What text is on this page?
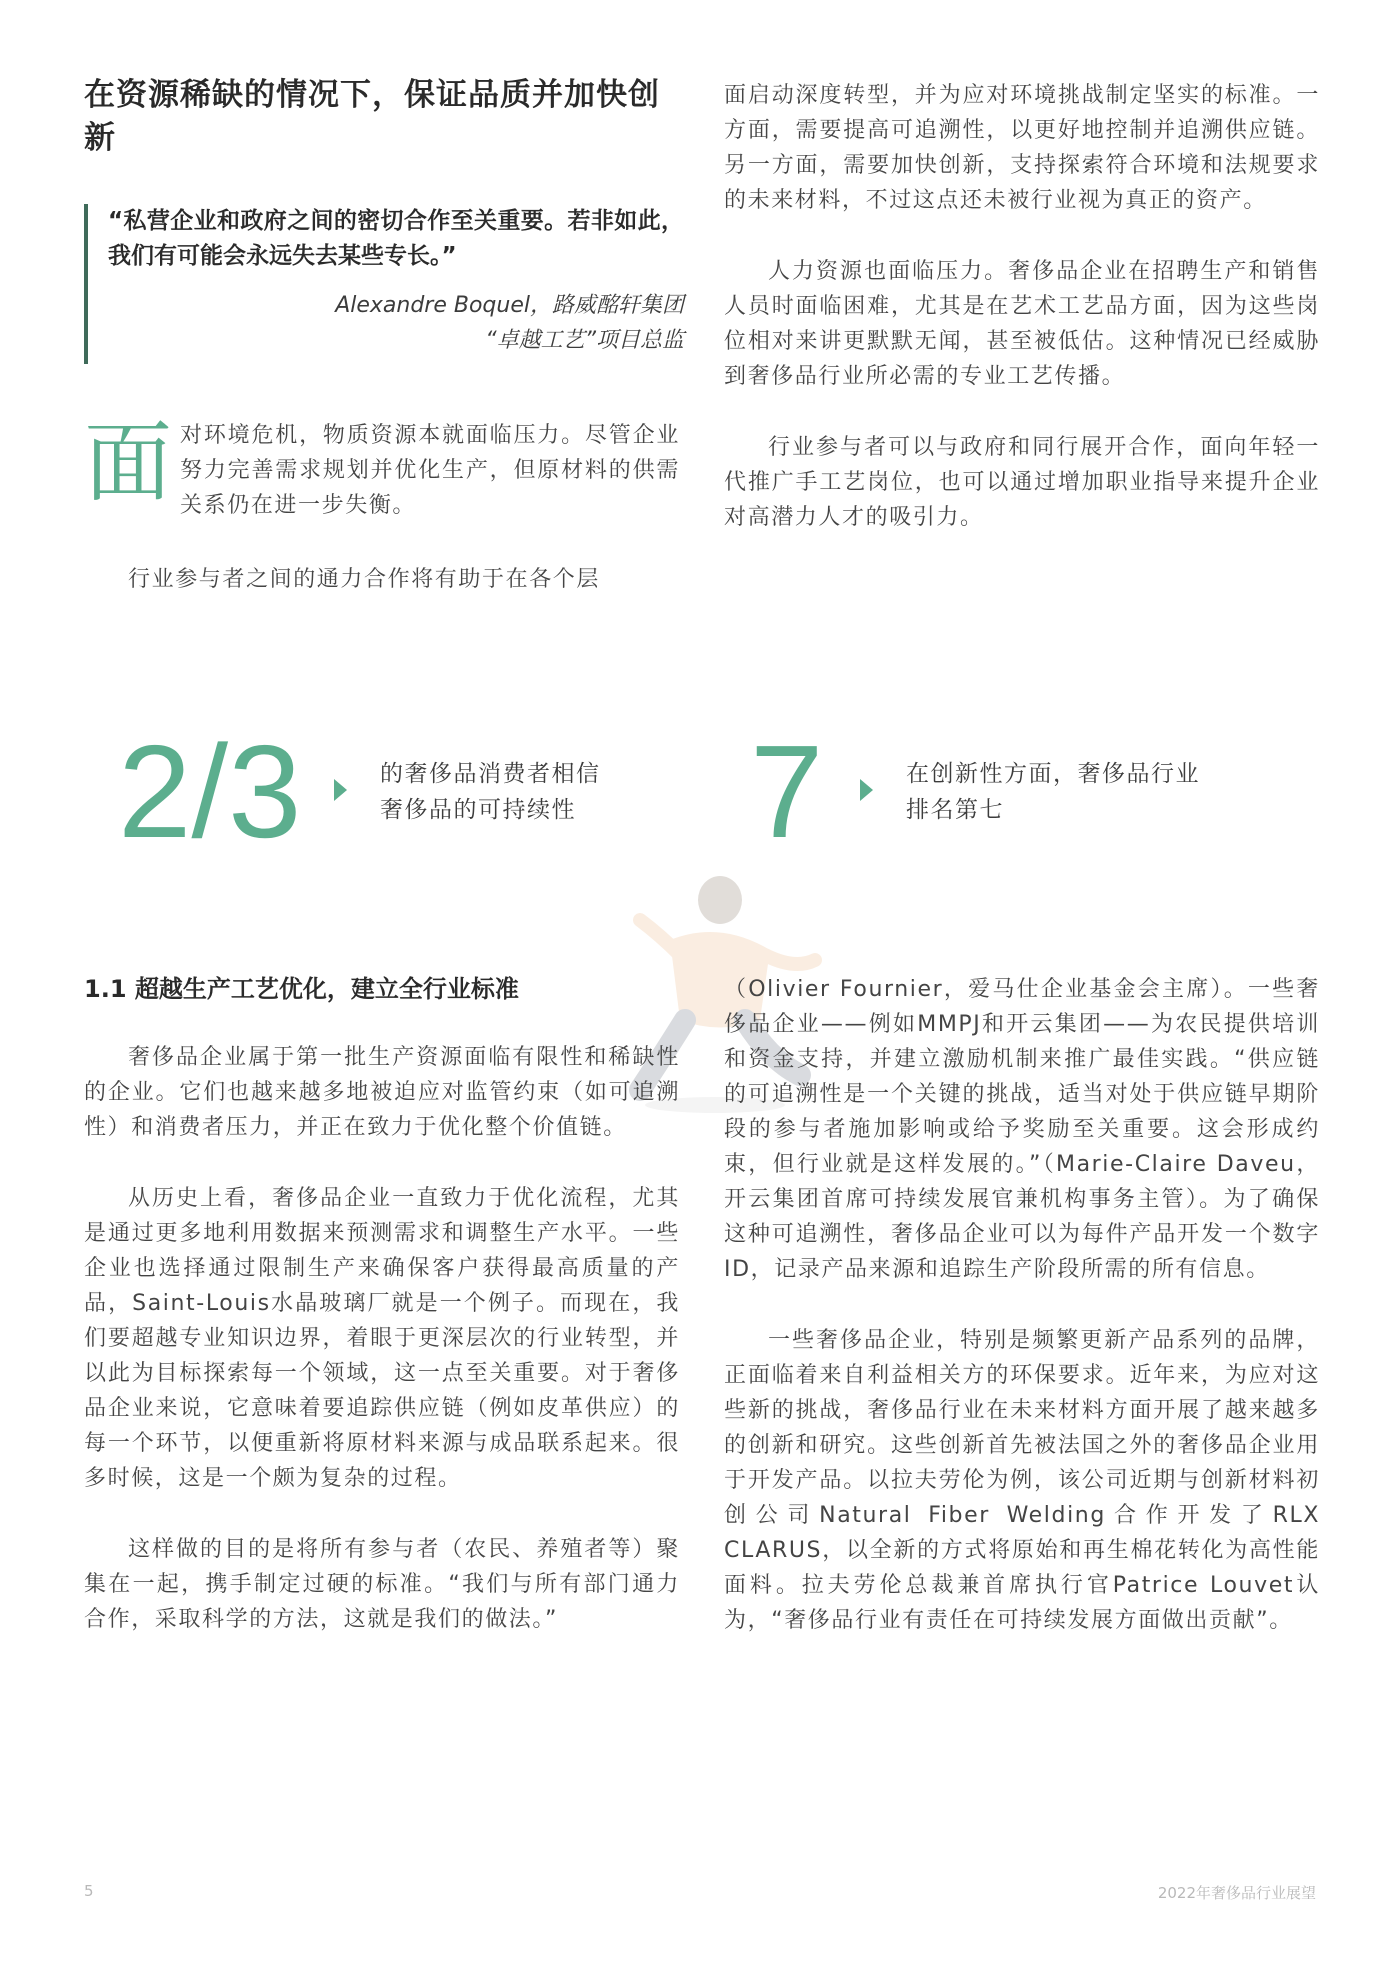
在资源稀缺的情况下，保证品质并加快创新

“私营企业和政府之间的密切合作至关重要。若非如此，我们有可能会永远失去某些专长。”

Alexandre Boquel，路威酩轩集团
“卓越工艺”项目总监

面 对环境危机，物质资源本就面临压力。尽管企业努力完善需求规划并优化生产，但原材料的供需关系仍在进一步失衡。

行业参与者之间的通力合作将有助于在各个层

面启动深度转型，并为应对环境挑战制定坚实的标准。一方面，需要提高可追溯性，以更好地控制并追溯供应链。另一方面，需要加快创新，支持探索符合环境和法规要求的未来材料，不过这点还未被行业视为真正的资产。

人力资源也面临压力。奢侈品企业在招聘生产和销售人员时面临困难，尤其是在艺术工艺品方面，因为这些岗位相对来讲更默默无闻，甚至被低估。这种情况已经威胁到奢侈品行业所必需的专业工艺传播。

行业参与者可以与政府和同行展开合作，面向年轻一代推广手工艺岗位，也可以通过增加职业指导来提升企业对高潜力人才的吸引力。

2/3	的奢侈品消费者相信
奢侈品的可持续性	7	在创新性方面，奢侈品行业
排名第七

1.1 超越生产工艺优化，建立全行业标准

奢侈品企业属于第一批生产资源面临有限性和稀缺性的企业。它们也越来越多地被迫应对监管约束（如可追溯性）和消费者压力，并正在致力于优化整个价值链。

从历史上看，奢侈品企业一直致力于优化流程，尤其是通过更多地利用数据来预测需求和调整生产水平。一些企业也选择通过限制生产来确保客户获得最高质量的产品，Saint-Louis水晶玻璃厂就是一个例子。而现在，我们要超越专业知识边界，着眼于更深层次的行业转型，并以此为目标探索每一个领域，这一点至关重要。对于奢侈品企业来说，它意味着要追踪供应链（例如皮革供应）的每一个环节，以便重新将原材料来源与成品联系起来。很多时候，这是一个颇为复杂的过程。

这样做的目的是将所有参与者（农民、养殖者等）聚集在一起，携手制定过硬的标准。“我们与所有部门通力合作，采取科学的方法，这就是我们的做法。”

（Olivier Fournier，爱马仕企业基金会主席）。一些奢侈品企业——例如MMPJ和开云集团——为农民提供培训和资金支持，并建立激励机制来推广最佳实践。“供应链的可追溯性是一个关键的挑战，适当对处于供应链早期阶段的参与者施加影响或给予奖励至关重要。这会形成约束，但行业就是这样发展的。”（Marie-Claire Daveu，开云集团首席可持续发展官兼机构事务主管）。为了确保这种可追溯性，奢侈品企业可以为每件产品开发一个数字ID，记录产品来源和追踪生产阶段所需的所有信息。

一些奢侈品企业，特别是频繁更新产品系列的品牌，正面临着来自利益相关方的环保要求。近年来，为应对这些新的挑战，奢侈品行业在未来材料方面开展了越来越多的创新和研究。这些创新首先被法国之外的奢侈品企业用于开发产品。以拉夫劳伦为例，该公司近期与创新材料初创公司Natural Fiber Welding合作开发了RLX CLARUS，以全新的方式将原始和再生棉花转化为高性能面料。拉夫劳伦总裁兼首席执行官Patrice Louvet认为，“奢侈品行业有责任在可持续发展方面做出贡献”。

5	2022年奢侈品行业展望
